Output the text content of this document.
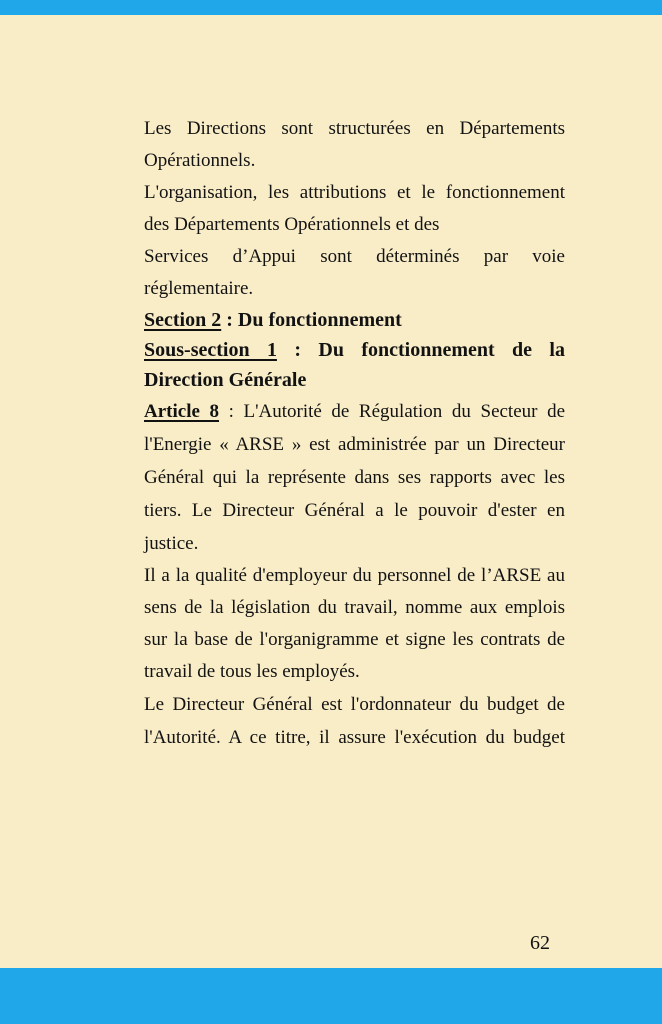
Les Directions sont structurées en Départements Opérationnels.

L'organisation, les attributions et le fonctionnement des Départements Opérationnels et des

Services d’Appui sont déterminés par voie réglementaire.

Section 2 : Du fonctionnement

Sous-section 1 : Du fonctionnement de la Direction Générale

Article 8 : L'Autorité de Régulation du Secteur de l'Energie « ARSE » est administrée par un Directeur Général qui la représente dans ses rapports avec les tiers. Le Directeur Général a le pouvoir d'ester en justice.

Il a la qualité d'employeur du personnel de l’ARSE au sens de la législation du travail, nomme aux emplois sur la base de l'organigramme et signe les contrats de travail de tous les employés.

Le Directeur Général est l'ordonnateur du budget de l'Autorité. A ce titre, il assure l'exécution du budget

62
